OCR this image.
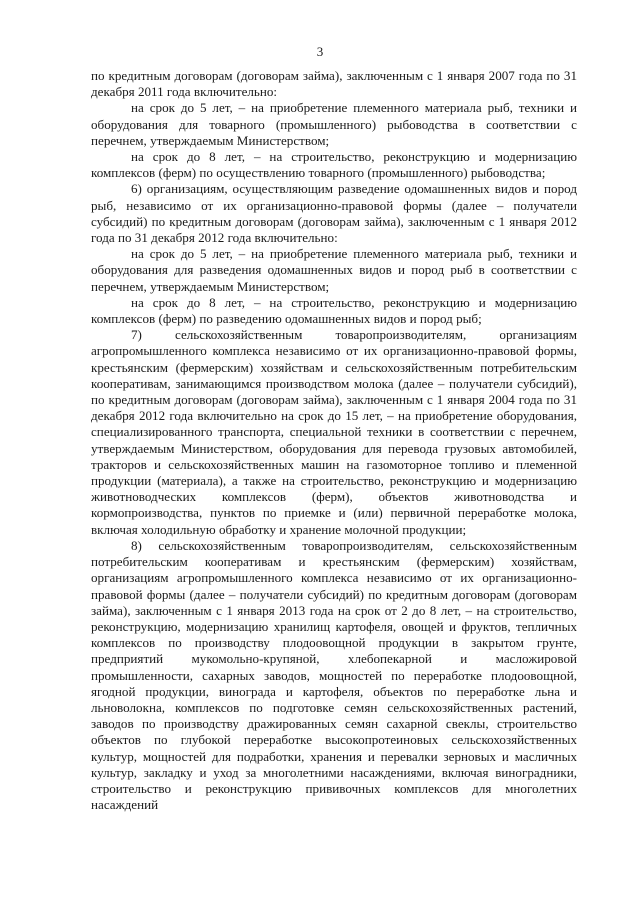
3

по кредитным договорам (договорам займа), заключенным с 1 января 2007 года по 31 декабря 2011 года включительно:

на срок до 5 лет, – на приобретение племенного материала рыб, техники и оборудования для товарного (промышленного) рыбоводства в соответствии с перечнем, утверждаемым Министерством;

на срок до 8 лет, – на строительство, реконструкцию и модернизацию комплексов (ферм) по осуществлению товарного (промышленного) рыбоводства;

6) организациям, осуществляющим разведение одомашненных видов и пород рыб, независимо от их организационно-правовой формы (далее – получатели субсидий) по кредитным договорам (договорам займа), заключенным с 1 января 2012 года по 31 декабря 2012 года включительно:

на срок до 5 лет, – на приобретение племенного материала рыб, техники и оборудования для разведения одомашненных видов и пород рыб в соответствии с перечнем, утверждаемым Министерством;

на срок до 8 лет, – на строительство, реконструкцию и модернизацию комплексов (ферм) по разведению одомашненных видов и пород рыб;

7) сельскохозяйственным товаропроизводителям, организациям агропромышленного комплекса независимо от их организационно-правовой формы, крестьянским (фермерским) хозяйствам и сельскохозяйственным потребительским кооперативам, занимающимся производством молока (далее – получатели субсидий), по кредитным договорам (договорам займа), заключенным с 1 января 2004 года по 31 декабря 2012 года включительно на срок до 15 лет, – на приобретение оборудования, специализированного транспорта, специальной техники в соответствии с перечнем, утверждаемым Министерством, оборудования для перевода грузовых автомобилей, тракторов и сельскохозяйственных машин на газомоторное топливо и племенной продукции (материала), а также на строительство, реконструкцию и модернизацию животноводческих комплексов (ферм), объектов животноводства и кормопроизводства, пунктов по приемке и (или) первичной переработке молока, включая холодильную обработку и хранение молочной продукции;

8) сельскохозяйственным товаропроизводителям, сельскохозяйственным потребительским кооперативам и крестьянским (фермерским) хозяйствам, организациям агропромышленного комплекса независимо от их организационно-правовой формы (далее – получатели субсидий) по кредитным договорам (договорам займа), заключенным с 1 января 2013 года на срок от 2 до 8 лет, – на строительство, реконструкцию, модернизацию хранилищ картофеля, овощей и фруктов, тепличных комплексов по производству плодоовощной продукции в закрытом грунте, предприятий мукомольно-крупяной, хлебопекарной и масложировой промышленности, сахарных заводов, мощностей по переработке плодоовощной, ягодной продукции, винограда и картофеля, объектов по переработке льна и льноволокна, комплексов по подготовке семян сельскохозяйственных растений, заводов по производству дражированных семян сахарной свеклы, строительство объектов по глубокой переработке высокопротеиновых сельскохозяйственных культур, мощностей для подработки, хранения и перевалки зерновых и масличных культур, закладку и уход за многолетними насаждениями, включая виноградники, строительство и реконструкцию прививочных комплексов для многолетних насаждений
